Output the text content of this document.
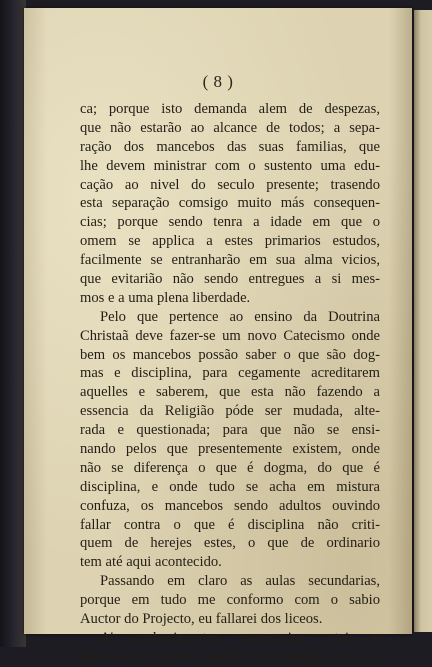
( 8 )
ca; porque isto demanda alem de despezas,
que não estarão ao alcance de todos; a sepa-
ração dos mancebos das suas familias, que
lhe devem ministrar com o sustento uma edu-
cação ao nivel do seculo presente; trasendo
esta separação comsigo muito más consequen-
cias; porque sendo tenra a idade em que o
omem se applica a estes primarios estudos,
facilmente se entranharão em sua alma vicios,
que evitarião não sendo entregues a si mes-
mos e a uma plena liberdade.
Pelo que pertence ao ensino da Doutrina
Christaã deve fazer-se um novo Catecismo onde
bem os mancebos possão saber o que são dog-
mas e disciplina, para cegamente acreditarem
aquelles e saberem, que esta não fazendo a
essencia da Religião póde ser mudada, alte-
rada e questionada; para que não se ensi-
nando pelos que presentemente existem, onde
não se diferença o que é dogma, do que é
disciplina, e onde tudo se acha em mistura
confuza, os mancebos sendo adultos ouvindo
fallar contra o que é disciplina não criti-
quem de herejes estes, o que de ordinario
tem até aqui acontecido.
Passando em claro as aulas secundarias,
porque em tudo me conformo com o sabio
Auctor do Projecto, eu fallarei dos liceos.
A' conhecimentos necessarios, uteis e
deleitaveis: porém sendo tão limitada a vida
